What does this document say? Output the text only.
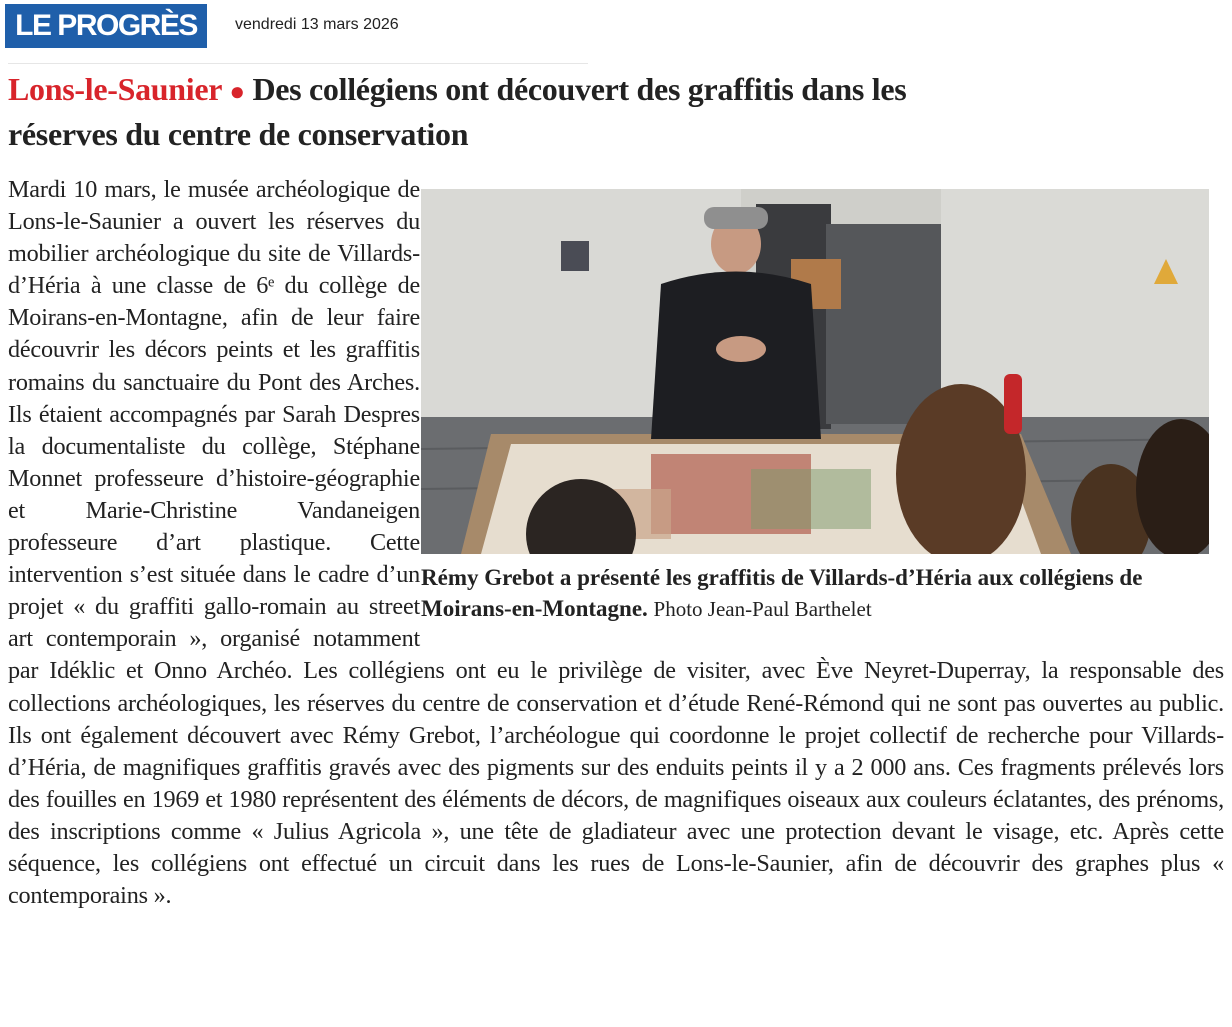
LE PROGRÈS	vendredi 13 mars 2026
Lons-le-Saunier ● Des collégiens ont découvert des graffitis dans les réserves du centre de conservation

Mardi 10 mars, le musée archéologique de Lons-le-Saunier a ouvert les réserves du mobilier archéologique du site de Villards-d’Héria à une classe de 6ᵉ du collège de Moirans-en-Montagne, afin de leur faire découvrir les décors peints et les graffitis romains du sanctuaire du Pont des Arches. Ils étaient accompagnés par Sarah Despres la documentaliste du collège, Stéphane Monnet professeure d’histoire-géographie et Marie-Christine Vandaneigen professeure d’art plastique. Cette intervention s’est située dans le cadre d’un projet « du graffiti gallo-romain au street art contemporain », organisé notamment par Idéklic et Onno Archéo. Les collégiens ont eu le privilège de visiter, avec Ève Neyret-Duperray, la responsable des collections archéologiques, les réserves du centre de conservation et d’étude René-Rémond qui ne sont pas ouvertes au public. Ils ont également découvert avec Rémy Grebot, l’archéologue qui coordonne le projet collectif de recherche pour Villards-d’Héria, de magnifiques graffitis gravés avec des pigments sur des enduits peints il y a 2 000 ans. Ces fragments prélevés lors des fouilles en 1969 et 1980 représentent des éléments de décors, de magnifiques oiseaux aux couleurs éclatantes, des prénoms, des inscriptions comme « Julius Agricola », une tête de gladiateur avec une protection devant le visage, etc. Après cette séquence, les collégiens ont effectué un circuit dans les rues de Lons-le-Saunier, afin de découvrir des graphes plus « contemporains ».

Rémy Grebot a présenté les graffitis de Villards-d’Héria aux collégiens de Moirans-en-Montagne. Photo Jean-Paul Barthelet
